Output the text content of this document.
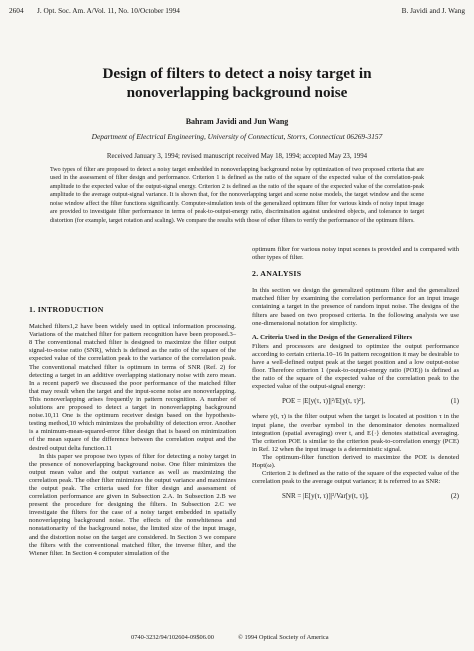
2604 J. Opt. Soc. Am. A/Vol. 11, No. 10/October 1994	B. Javidi and J. Wang
Design of filters to detect a noisy target in
nonoverlapping background noise
Bahram Javidi and Jun Wang
Department of Electrical Engineering, University of Connecticut, Storrs, Connecticut 06269-3157
Received January 3, 1994; revised manuscript received May 18, 1994; accepted May 23, 1994

Two types of filter are proposed to detect a noisy target embedded in nonoverlapping background noise by optimization of two proposed criteria that are used in the assessment of filter design and performance. Criterion 1 is defined as the ratio of the square of the expected value of the correlation-peak amplitude to the expected value of the output-signal energy. Criterion 2 is defined as the ratio of the square of the expected value of the correlation-peak amplitude to the average output-signal variance. It is shown that, for the nonoverlapping target and scene noise models, the target window and the scene noise window affect the filter functions significantly. Computer-simulation tests of the generalized optimum filter for various kinds of noisy input image are provided to investigate filter performance in terms of peak-to-output-energy ratio, discrimination against undesired objects, and tolerance to target distortion (for example, target rotation and scaling). We compare the results with those of other filters to verify the performance of the optimum filters.

1. INTRODUCTION

Matched filters1,2 have been widely used in optical information processing. Variations of the matched filter for pattern recognition have been proposed.3–8 The conventional matched filter is designed to maximize the filter output signal-to-noise ratio (SNR), which is defined as the ratio of the square of the expected value of the correlation peak to the variance of the correlation peak. The conventional matched filter is optimum in terms of SNR (Ref. 2) for detecting a target in an additive overlapping stationary noise with zero mean. In a recent paper9 we discussed the poor performance of the matched filter that may result when the target and the input-scene noise are nonoverlapping. This nonoverlapping arises frequently in pattern recognition. A number of solutions are proposed to detect a target in nonoverlapping background noise.10,11 One is the optimum receiver design based on the hypothesis-testing method,10 which minimizes the probability of detection error. Another is a minimum-mean-squared-error filter design that is based on minimization of the mean square of the difference between the correlation output and the desired output delta function.11

In this paper we propose two types of filter for detecting a noisy target in the presence of nonoverlapping background noise. One filter minimizes the output mean value and the output variance as well as maximizing the correlation peak. The other filter minimizes the output variance and maximizes the output peak. The criteria used for filter design and assessment of correlation performance are given in Subsection 2.A. In Subsection 2.B we present the procedure for designing the filters. In Subsection 2.C we investigate the filters for the case of a noisy target embedded in spatially nonoverlapping background noise. The effects of the nonwhiteness and nonstationarity of the background noise, the limited size of the input image, and the distortion noise on the target are considered. In Section 3 we compare the filters with the conventional matched filter, the inverse filter, and the Wiener filter. In Section 4 computer simulation of the

optimum filter for various noisy input scenes is provided and is compared with other types of filter.

2. ANALYSIS

In this section we design the generalized optimum filter and the generalized matched filter by examining the correlation performance for an input image containing a target in the presence of random input noise. The designs of the filters are based on two proposed criteria. In the following analysis we use one-dimensional notation for simplicity.

A. Criteria Used in the Design of the Generalized Filters

Filters and processors are designed to optimize the output performance according to certain criteria.10–16 In pattern recognition it may be desirable to have a well-defined output peak at the target position and a low output-noise floor. Therefore criterion 1 (peak-to-output-energy ratio (POE)) is defined as the ratio of the square of the expected value of the correlation peak to the expected value of the output-signal energy:

POE = |E[y(τ, τ)]|²/E[y(t, τ)²],	(1)

where y(t, τ) is the filter output when the target is located at position τ in the input plane, the overbar symbol in the denominator denotes normalized integration (spatial averaging) over t, and E{·} denotes statistical averaging. The criterion POE is similar to the criterion peak-to-correlation energy (PCE) in Ref. 12 when the input image is a deterministic signal.

The optimum-filter function derived to maximize the POE is denoted Hopt(ω).

Criterion 2 is defined as the ratio of the square of the expected value of the correlation peak to the average output variance; it is referred to as SNR:

SNR = |E[y(τ, τ)]|²/Var[y(t, τ)],	(2)
0740-3232/94/102604-09$06.00	© 1994 Optical Society of America
